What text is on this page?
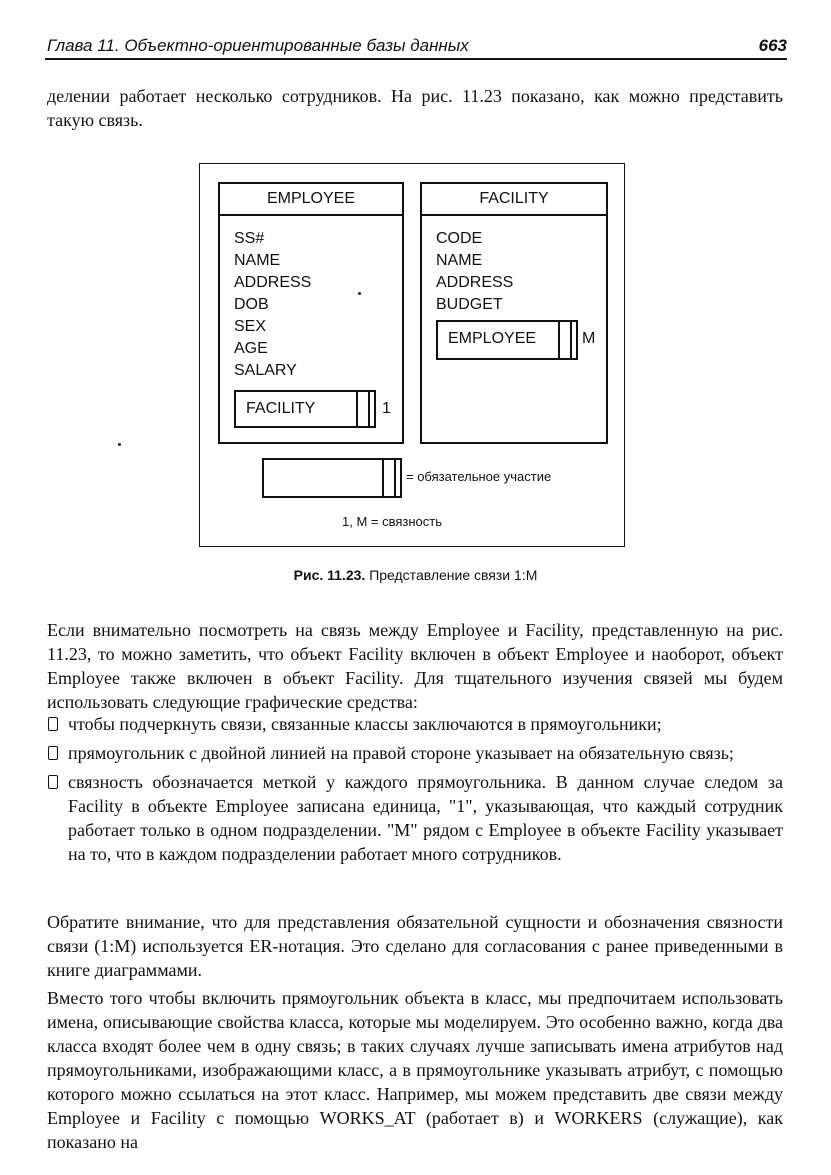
Глава 11. Объектно-ориентированные базы данных	663
делении работает несколько сотрудников. На рис. 11.23 показано, как можно представить такую связь.
EMPLOYEE
SS#
NAME
ADDRESS
DOB
SEX
AGE
SALARY
FACILITY	1
FACILITY
CODE
NAME
ADDRESS
BUDGET
EMPLOYEE	M
= обязательное участие
1, M = связность
Рис. 11.23. Представление связи 1:M
Если внимательно посмотреть на связь между Employee и Facility, представленную на рис. 11.23, то можно заметить, что объект Facility включен в объект Employee и наоборот, объект Employee также включен в объект Facility. Для тщательного изучения связей мы будем использовать следующие графические средства:
чтобы подчеркнуть связи, связанные классы заключаются в прямоугольники;
прямоугольник с двойной линией на правой стороне указывает на обязательную связь;
связность обозначается меткой у каждого прямоугольника. В данном случае следом за Facility в объекте Employee записана единица, "1", указывающая, что каждый сотрудник работает только в одном подразделении. "M" рядом с Employee в объекте Facility указывает на то, что в каждом подразделении работает много сотрудников.
Обратите внимание, что для представления обязательной сущности и обозначения связности связи (1:M) используется ER-нотация. Это сделано для согласования с ранее приведенными в книге диаграммами.
Вместо того чтобы включить прямоугольник объекта в класс, мы предпочитаем использовать имена, описывающие свойства класса, которые мы моделируем. Это особенно важно, когда два класса входят более чем в одну связь; в таких случаях лучше записывать имена атрибутов над прямоугольниками, изображающими класс, а в прямоугольнике указывать атрибут, с помощью которого можно ссылаться на этот класс. Например, мы можем представить две связи между Employee и Facility с помощью WORKS_AT (работает в) и WORKERS (служащие), как показано на
